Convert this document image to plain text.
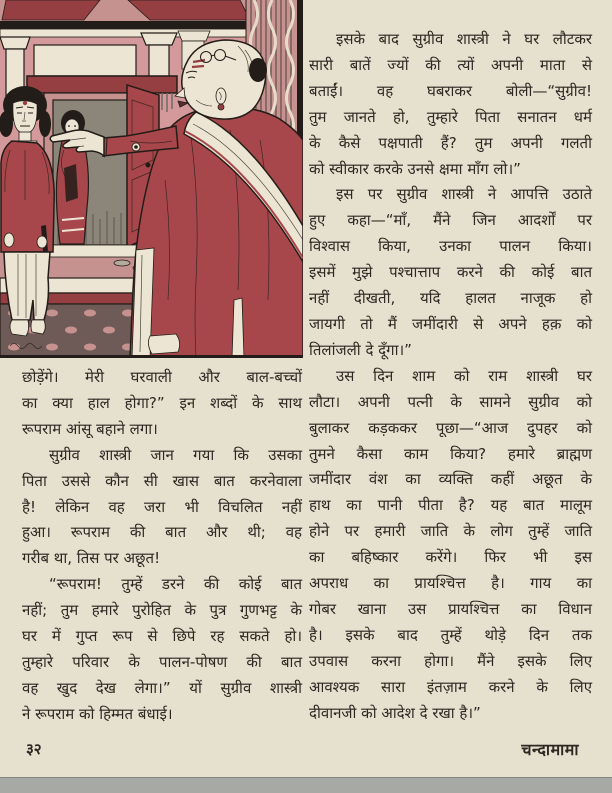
छोड़ेंगे। मेरी घरवाली और बाल-बच्चों
का क्या हाल होगा?” इन शब्दों के साथ
रूपराम आंसू बहाने लगा।
सुग्रीव शास्त्री जान गया कि उसका
पिता उससे कौन सी खास बात करनेवाला
है! लेकिन वह जरा भी विचलित नहीं
हुआ। रूपराम की बात और थी; वह
गरीब था, तिस पर अछूत!
“रूपराम! तुम्हें डरने की कोई बात
नहीं; तुम हमारे पुरोहित के पुत्र गुणभट्ट के
घर में गुप्त रूप से छिपे रह सकते हो।
तुम्हारे परिवार के पालन-पोषण की बात
वह खुद देख लेगा।” यों सुग्रीव शास्त्री
ने रूपराम को हिम्मत बंधाई।
इसके बाद सुग्रीव शास्त्री ने घर लौटकर
सारी बातें ज्यों की त्यों अपनी माता से
बताईं। वह घबराकर बोली—“सुग्रीव!
तुम जानते हो, तुम्हारे पिता सनातन धर्म
के कैसे पक्षपाती हैं? तुम अपनी गलती
को स्वीकार करके उनसे क्षमा माँग लो।”
इस पर सुग्रीव शास्त्री ने आपत्ति उठाते
हुए कहा—“माँ, मैंने जिन आदर्शों पर
विश्वास किया, उनका पालन किया।
इसमें मुझे पश्चात्ताप करने की कोई बात
नहीं दीखती, यदि हालत नाजूक हो
जायगी तो मैं जमींदारी से अपने हक़ को
तिलांजली दे दूँगा।”
उस दिन शाम को राम शास्त्री घर
लौटा। अपनी पत्नी के सामने सुग्रीव को
बुलाकर कड़ककर पूछा—“आज दुपहर को
तुमने कैसा काम किया? हमारे ब्राह्मण
जमींदार वंश का व्यक्ति कहीं अछूत के
हाथ का पानी पीता है? यह बात मालूम
होने पर हमारी जाति के लोग तुम्हें जाति
का बहिष्कार करेंगे। फिर भी इस
अपराध का प्रायश्चित्त है। गाय का
गोबर खाना उस प्रायश्चित्त का विधान
है। इसके बाद तुम्हें थोड़े दिन तक
उपवास करना होगा। मैंने इसके लिए
आवश्यक सारा इंतज़ाम करने के लिए
दीवानजी को आदेश दे रखा है।”
३२	चन्दामामा
